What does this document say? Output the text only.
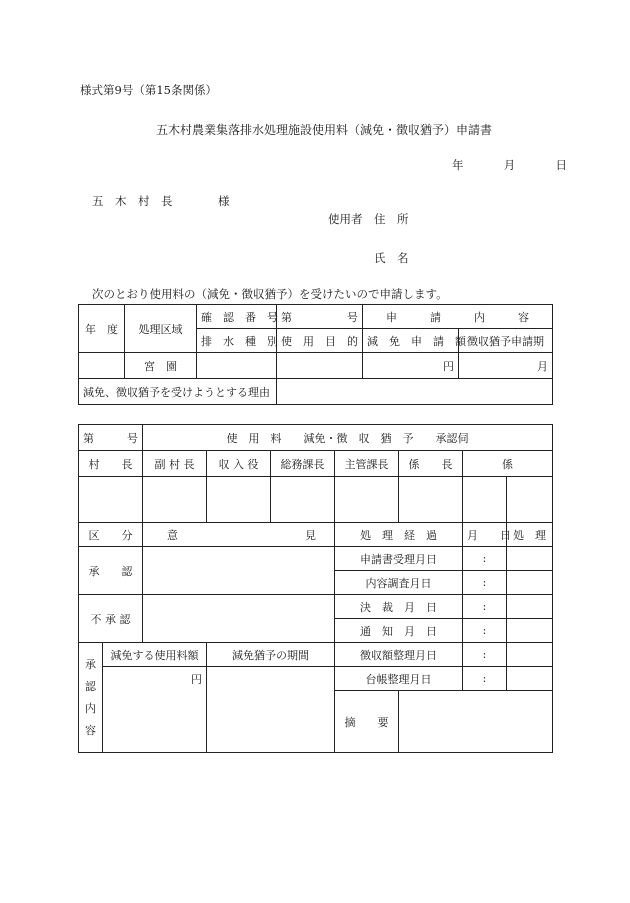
様式第9号（第15条関係）
五木村農業集落排水処理施設使用料（減免・徴収猶予）申請書
年　　月　　日
五　木　村　長	様
使用者 住　所
氏　名
次のとおり使用料の（減免・徴収猶予）を受けたいので申請します。
年　度	処理区域	確　認　番　号	第 号	申　　　請　　　内　　　容	
		排　水　種　別	使　用　目　的	減　免　申　請　額	徴収猶予申請期
	宮　園			円	月
減免、徴収猶予を受けようとする理由					
第 号		使　用　料　　減免・徴　収　猶　予　　承認伺						
村　　長		副 村 長	収 入 役	総務課長	主管課長	係　　長	係	

区　　分		意 見			処　理　経　過		月　　日	処　理
承　　認					申請書受理月日		:	
					内容調査月日		:	
不 承 認					決　裁　月　日		:	
					通　知　月　日		:	

承
認
内
容	減免する使用料額		減免猶予の期間		徴収額整理月日		:	
	円				台帳整理月日		:	
					摘　　要			
